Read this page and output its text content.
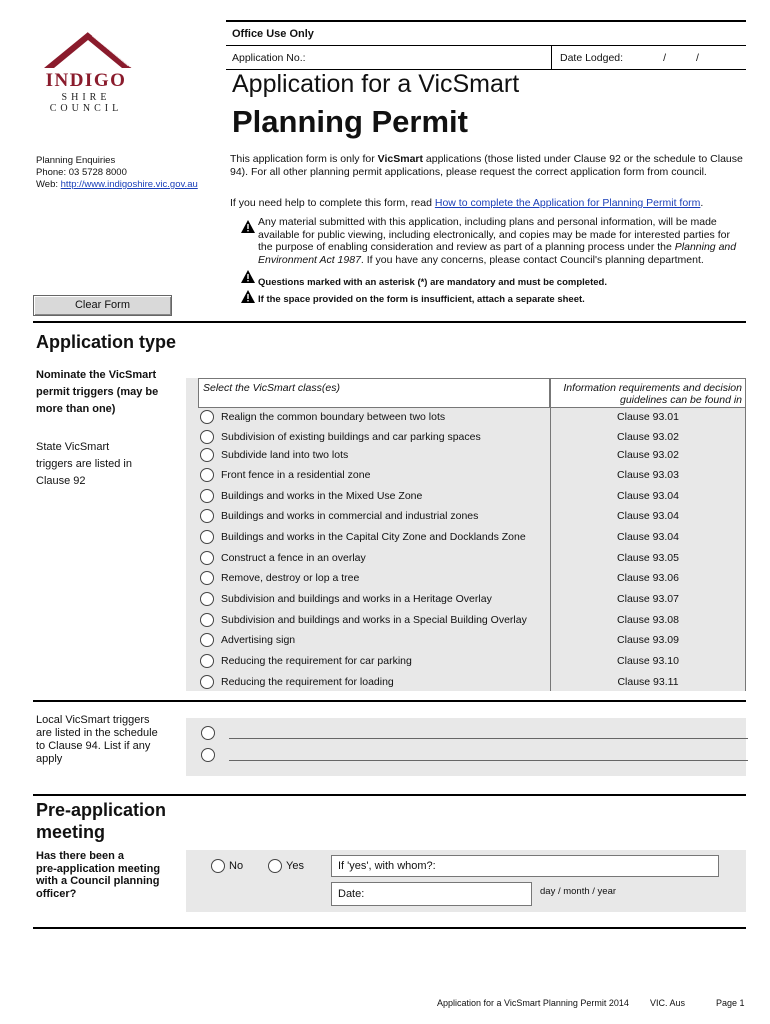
INDIGO
SHIRE
COUNCIL
Planning Enquiries
Phone: 03 5728 8000
Web: http://www.indigoshire.vic.gov.au
Office Use Only
Application No.:	Date Lodged:	/	/
Application for a VicSmart
Planning Permit
This application form is only for VicSmart applications (those listed under Clause 92 or the schedule to Clause 94). For all other planning permit applications, please request the correct application form from council.
If you need help to complete this form, read How to complete the Application for Planning Permit form.
Any material submitted with this application, including plans and personal information, will be made available for public viewing, including electronically, and copies may be made for interested parties for the purpose of enabling consideration and review as part of a planning process under the Planning and Environment Act 1987. If you have any concerns, please contact Council's planning department.
Questions marked with an asterisk (*) are mandatory and must be completed.
If the space provided on the form is insufficient, attach a separate sheet.
Clear Form
Application type
Nominate the VicSmart
permit triggers (may be
more than one)
State VicSmart
triggers are listed in
Clause 92
Select the VicSmart class(es)	Information requirements and decision guidelines can be found in
Realign the common boundary between two lots	Clause 93.01
Subdivision of existing buildings and car parking spaces	Clause 93.02
Subdivide land into two lots	Clause 93.02
Front fence in a residential zone	Clause 93.03
Buildings and works in the Mixed Use Zone	Clause 93.04
Buildings and works in commercial and industrial zones	Clause 93.04
Buildings and works in the Capital City Zone and Docklands Zone	Clause 93.04
Construct a fence in an overlay	Clause 93.05
Remove, destroy or lop a tree	Clause 93.06
Subdivision and buildings and works in a Heritage Overlay	Clause 93.07
Subdivision and buildings and works in a Special Building Overlay	Clause 93.08
Advertising sign	Clause 93.09
Reducing the requirement for car parking	Clause 93.10
Reducing the requirement for loading	Clause 93.11
Local VicSmart triggers
are listed in the schedule
to Clause 94. List if any
apply
Pre-application
meeting
Has there been a
pre-application meeting
with a Council planning
officer?
No	Yes	If 'yes', with whom?:
Date:	day / month / year
Application for a VicSmart Planning Permit 2014 VIC. Aus	Page 1
